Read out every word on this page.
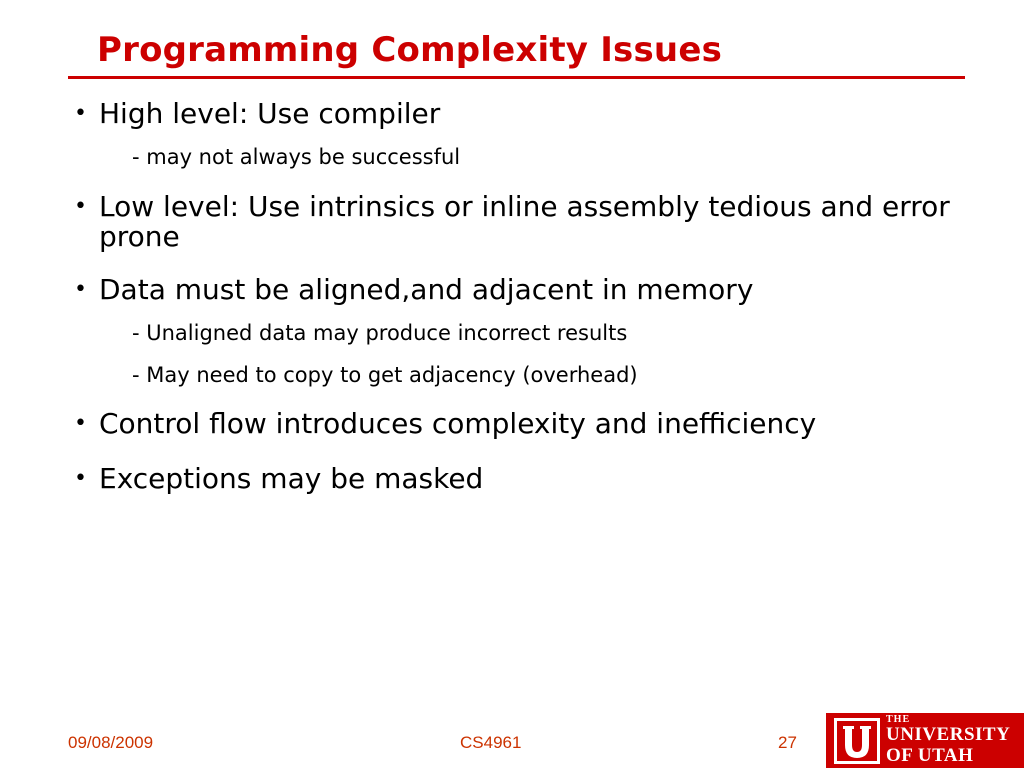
Programming Complexity Issues
• High level: Use compiler
- may not always be successful
• Low level: Use intrinsics or inline assembly tedious and error prone
• Data must be aligned,and adjacent in memory
- Unaligned data may produce incorrect results
- May need to copy to get adjacency (overhead)
• Control flow introduces complexity and inefficiency
• Exceptions may be masked
09/08/2009	CS4961	27
THE
UNIVERSITY
OF UTAH
